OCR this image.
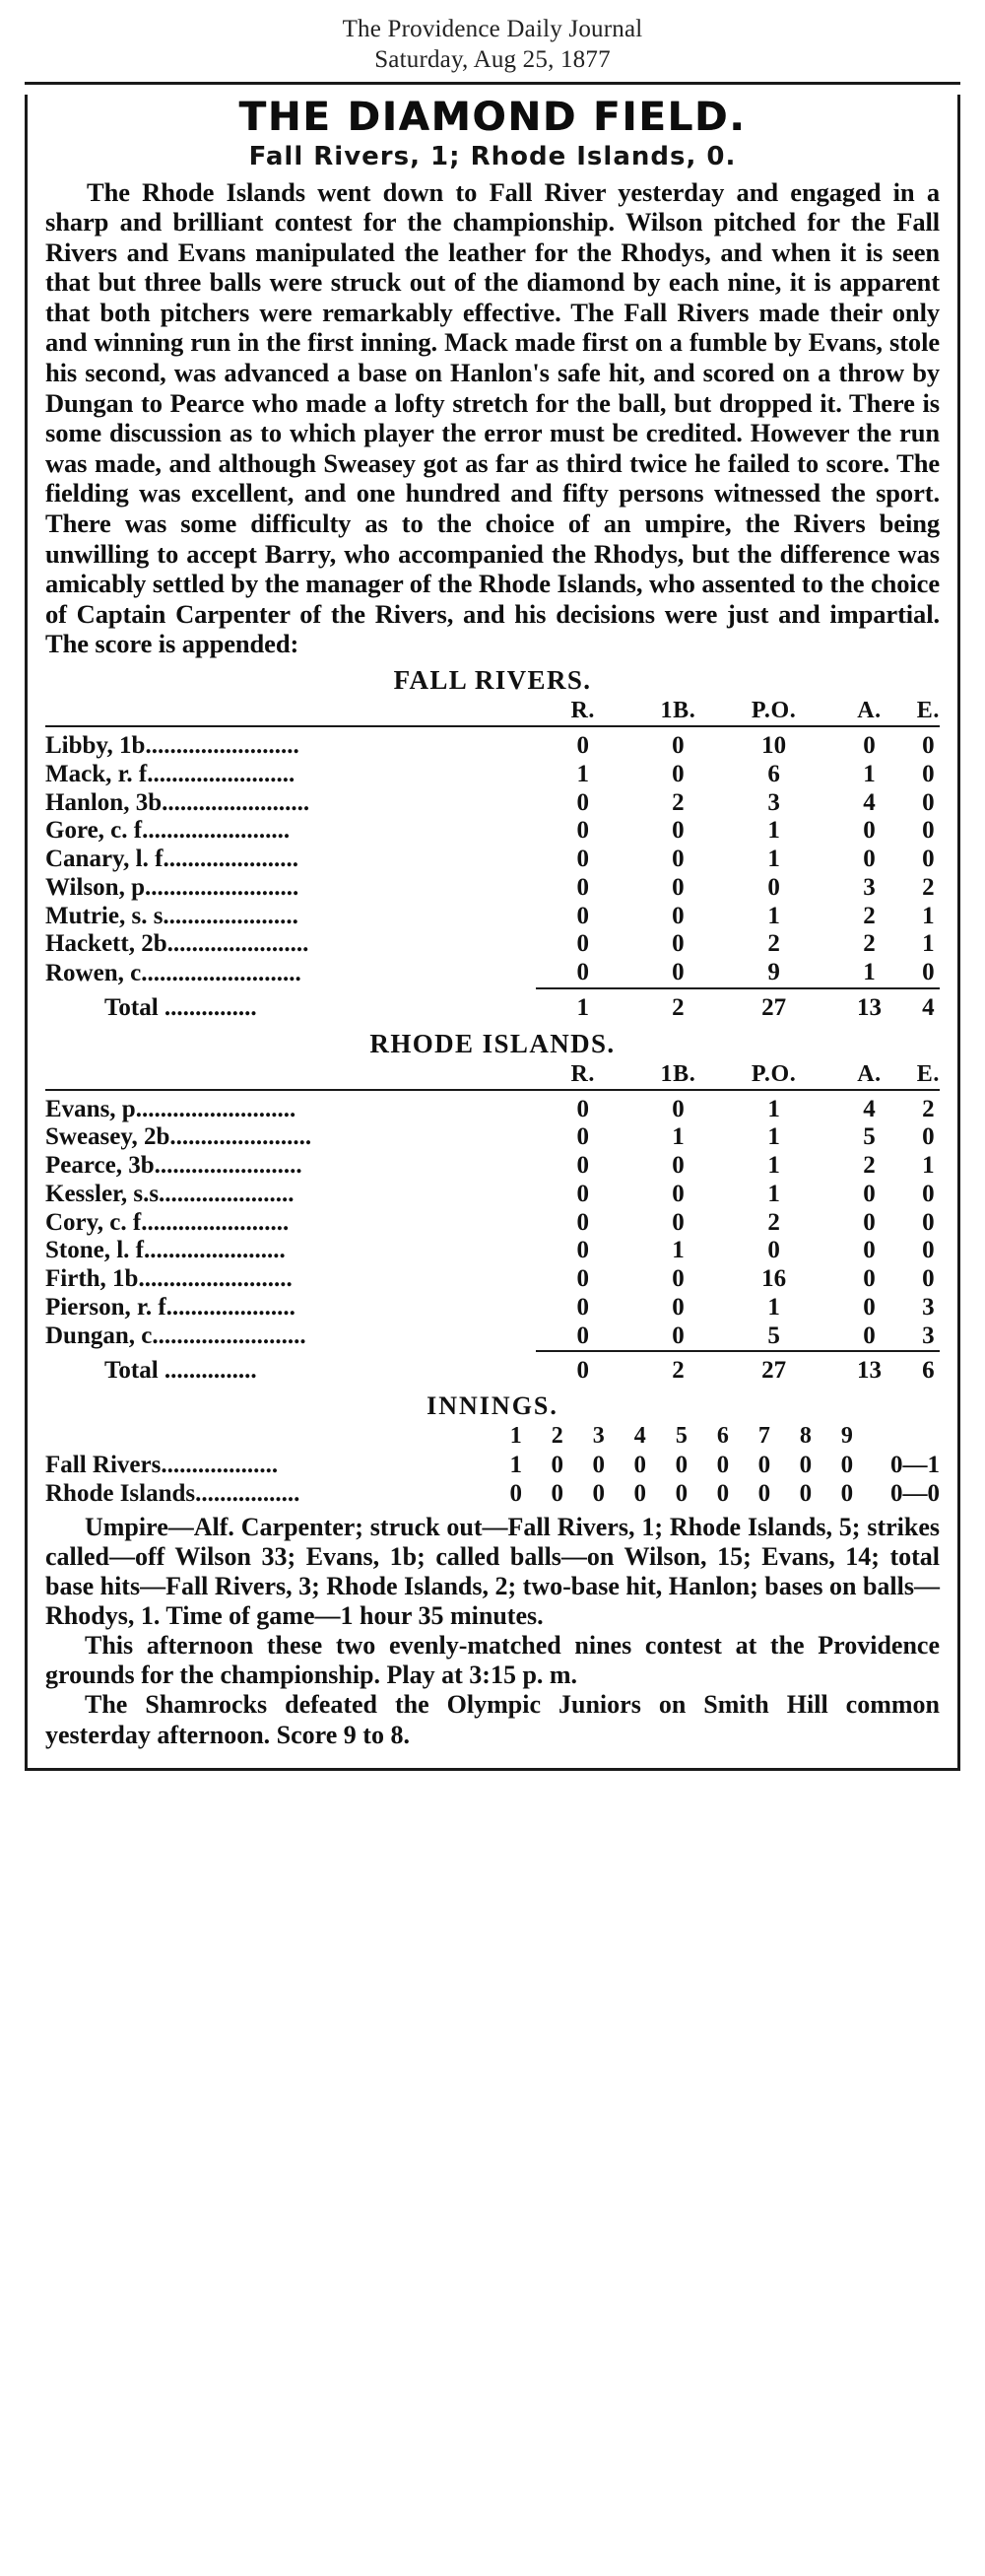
The Providence Daily Journal
Saturday, Aug 25, 1877
THE DIAMOND FIELD.
Fall Rivers, 1; Rhode Islands, 0.

The Rhode Islands went down to Fall River yesterday and engaged in a sharp and brilliant contest for the championship. Wilson pitched for the Fall Rivers and Evans manipulated the leather for the Rhodys, and when it is seen that but three balls were struck out of the diamond by each nine, it is apparent that both pitchers were remarkably effective. The Fall Rivers made their only and winning run in the first inning. Mack made first on a fumble by Evans, stole his second, was advanced a base on Hanlon's safe hit, and scored on a throw by Dungan to Pearce who made a lofty stretch for the ball, but dropped it. There is some discussion as to which player the error must be credited. However the run was made, and although Sweasey got as far as third twice he failed to score. The fielding was excellent, and one hundred and fifty persons witnessed the sport. There was some difficulty as to the choice of an umpire, the Rivers being unwilling to accept Barry, who accompanied the Rhodys, but the difference was amicably settled by the manager of the Rhode Islands, who assented to the choice of Captain Carpenter of the Rivers, and his decisions were just and impartial. The score is appended:

FALL RIVERS.
	R.	1B.	P.O.	A.	E.

Libby, 1b.........................	0	0	10	0	0
Mack, r. f........................	1	0	6	1	0
Hanlon, 3b........................	0	2	3	4	0
Gore, c. f........................	0	0	1	0	0
Canary, l. f......................	0	0	1	0	0
Wilson, p.........................	0	0	0	3	2
Mutrie, s. s......................	0	0	1	2	1
Hackett, 2b.......................	0	0	2	2	1
Rowen, c..........................	0	0	9	1	0

Total ...............	1	2	27	13	4
RHODE ISLANDS.
	R.	1B.	P.O.	A.	E.

Evans, p..........................	0	0	1	4	2
Sweasey, 2b.......................	0	1	1	5	0
Pearce, 3b........................	0	0	1	2	1
Kessler, s.s......................	0	0	1	0	0
Cory, c. f........................	0	0	2	0	0
Stone, l. f.......................	0	1	0	0	0
Firth, 1b.........................	0	0	16	0	0
Pierson, r. f.....................	0	0	1	0	3
Dungan, c.........................	0	0	5	0	3

Total ...............	0	2	27	13	6
INNINGS.
	1	2	3	4	5	6	7	8	9	
Fall Rivers...................	1	0	0	0	0	0	0	0	0	0—1
Rhode Islands.................	0	0	0	0	0	0	0	0	0	0—0

Umpire—Alf. Carpenter; struck out—Fall Rivers, 1; Rhode Islands, 5; strikes called—off Wilson 33; Evans, 1b; called balls—on Wilson, 15; Evans, 14; total base hits—Fall Rivers, 3; Rhode Islands, 2; two-base hit, Hanlon; bases on balls—Rhodys, 1. Time of game—1 hour 35 minutes.

This afternoon these two evenly-matched nines contest at the Providence grounds for the championship. Play at 3:15 p. m.

The Shamrocks defeated the Olympic Juniors on Smith Hill common yesterday afternoon. Score 9 to 8.
